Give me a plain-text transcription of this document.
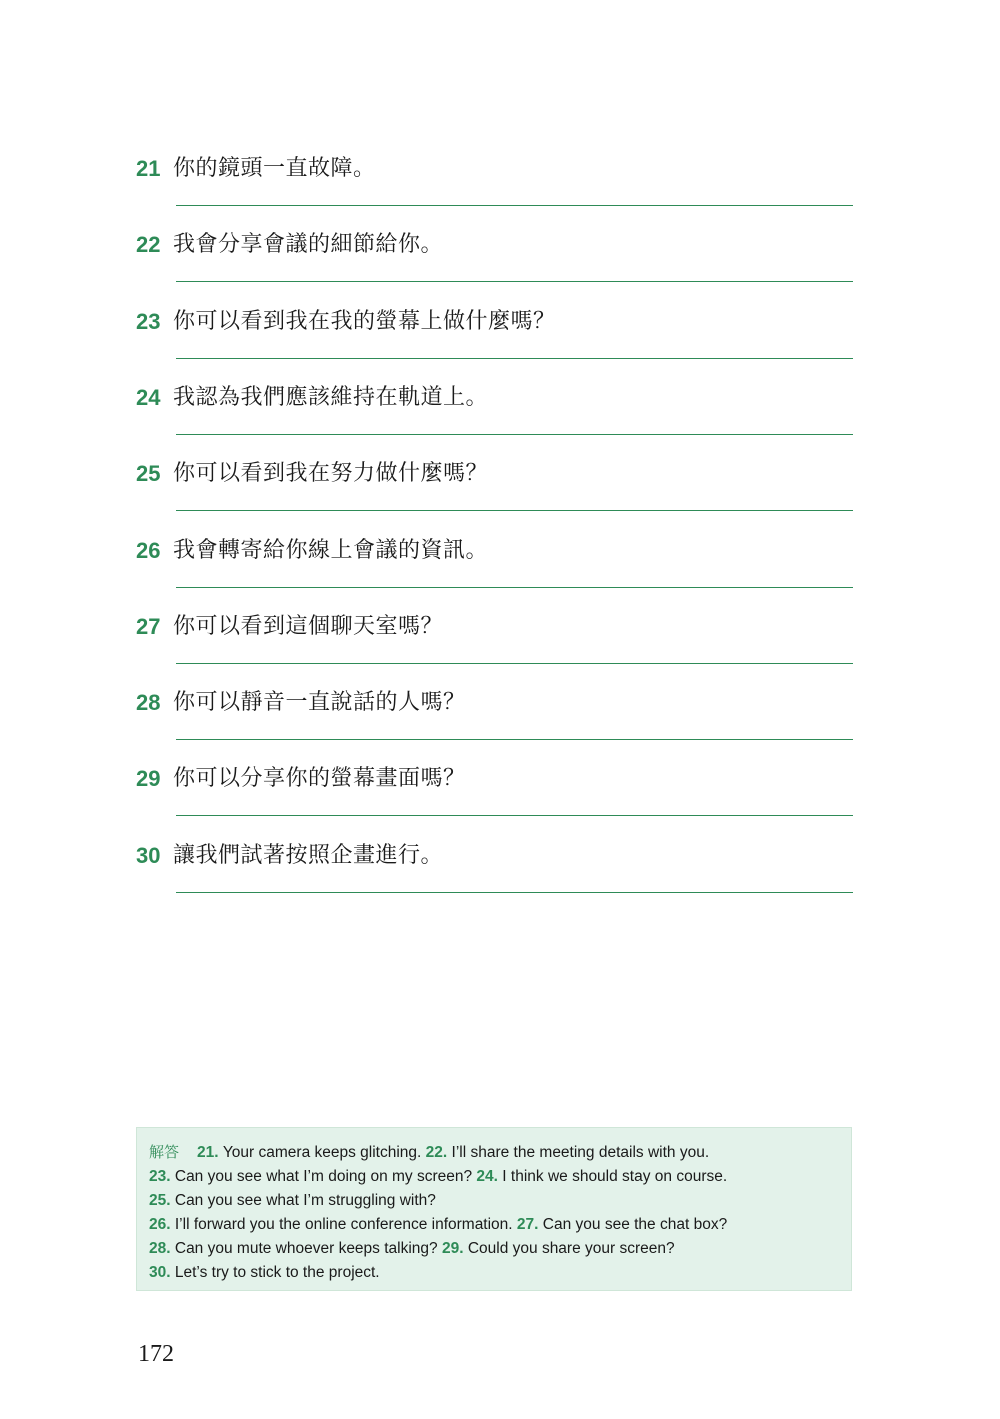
21 你的鏡頭一直故障。
22 我會分享會議的細節給你。
23 你可以看到我在我的螢幕上做什麼嗎？
24 我認為我們應該維持在軌道上。
25 你可以看到我在努力做什麼嗎？
26 我會轉寄給你線上會議的資訊。
27 你可以看到這個聊天室嗎？
28 你可以靜音一直說話的人嗎？
29 你可以分享你的螢幕畫面嗎？
30 讓我們試著按照企畫進行。
解答 21. Your camera keeps glitching. 22. I’ll share the meeting details with you.
23. Can you see what I’m doing on my screen? 24. I think we should stay on course.
25. Can you see what I’m struggling with?
26. I’ll forward you the online conference information. 27. Can you see the chat box?
28. Can you mute whoever keeps talking? 29. Could you share your screen?
30. Let’s try to stick to the project.
172
